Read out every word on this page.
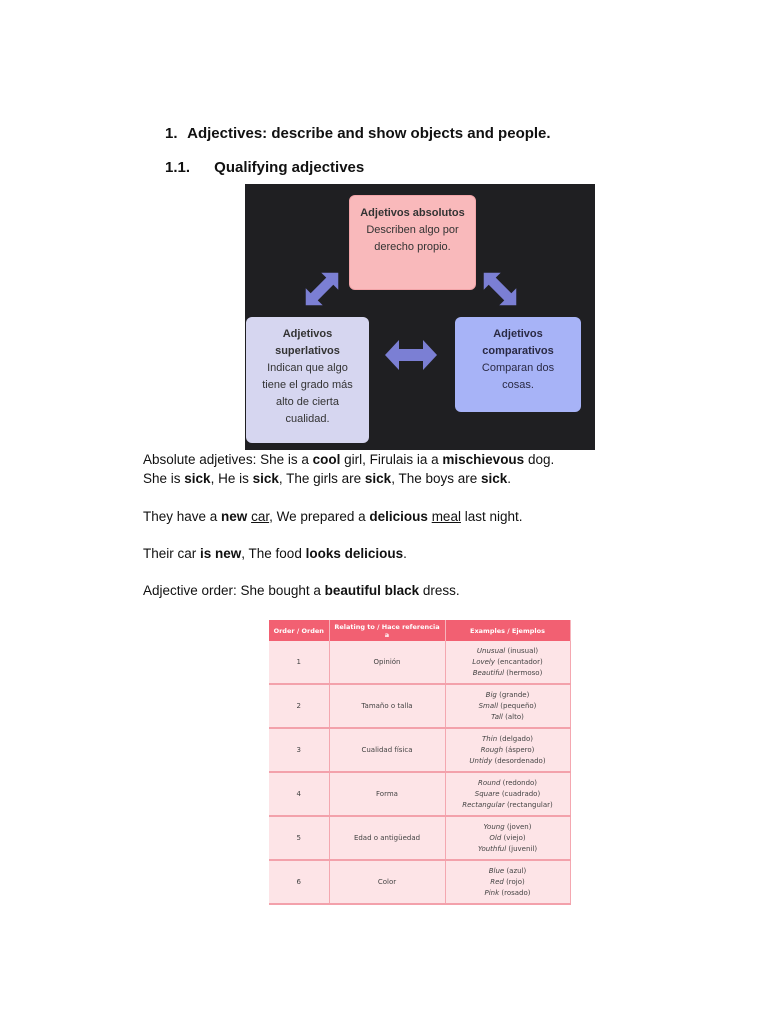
1. Adjectives: describe and show objects and people.
1.1. Qualifying adjectives
Adjetivos absolutos
Describen algo por derecho propio.
Adjetivos superlativos
Indican que algo tiene el grado más alto de cierta cualidad.
Adjetivos comparativos
Comparan dos cosas.
Absolute adjetives: She is a cool girl, Firulais ia a mischievous dog.
She is sick, He is sick, The girls are sick, The boys are sick.
They have a new car, We prepared a delicious meal last night.
Their car is new, The food looks delicious.
Adjective order: She bought a beautiful black dress.
Order / Orden	Relating to / Hace referencia a	Examples / Ejemplos
1	Opinión	Unusual (inusual)
Lovely (encantador)
Beautiful (hermoso)

2	Tamaño o talla	Big (grande)
Small (pequeño)
Tall (alto)

3	Cualidad física	Thin (delgado)
Rough (áspero)
Untidy (desordenado)

4	Forma	Round (redondo)
Square (cuadrado)
Rectangular (rectangular)

5	Edad o antigüedad	Young (joven)
Old (viejo)
Youthful (juvenil)

6	Color	Blue (azul)
Red (rojo)
Pink (rosado)
